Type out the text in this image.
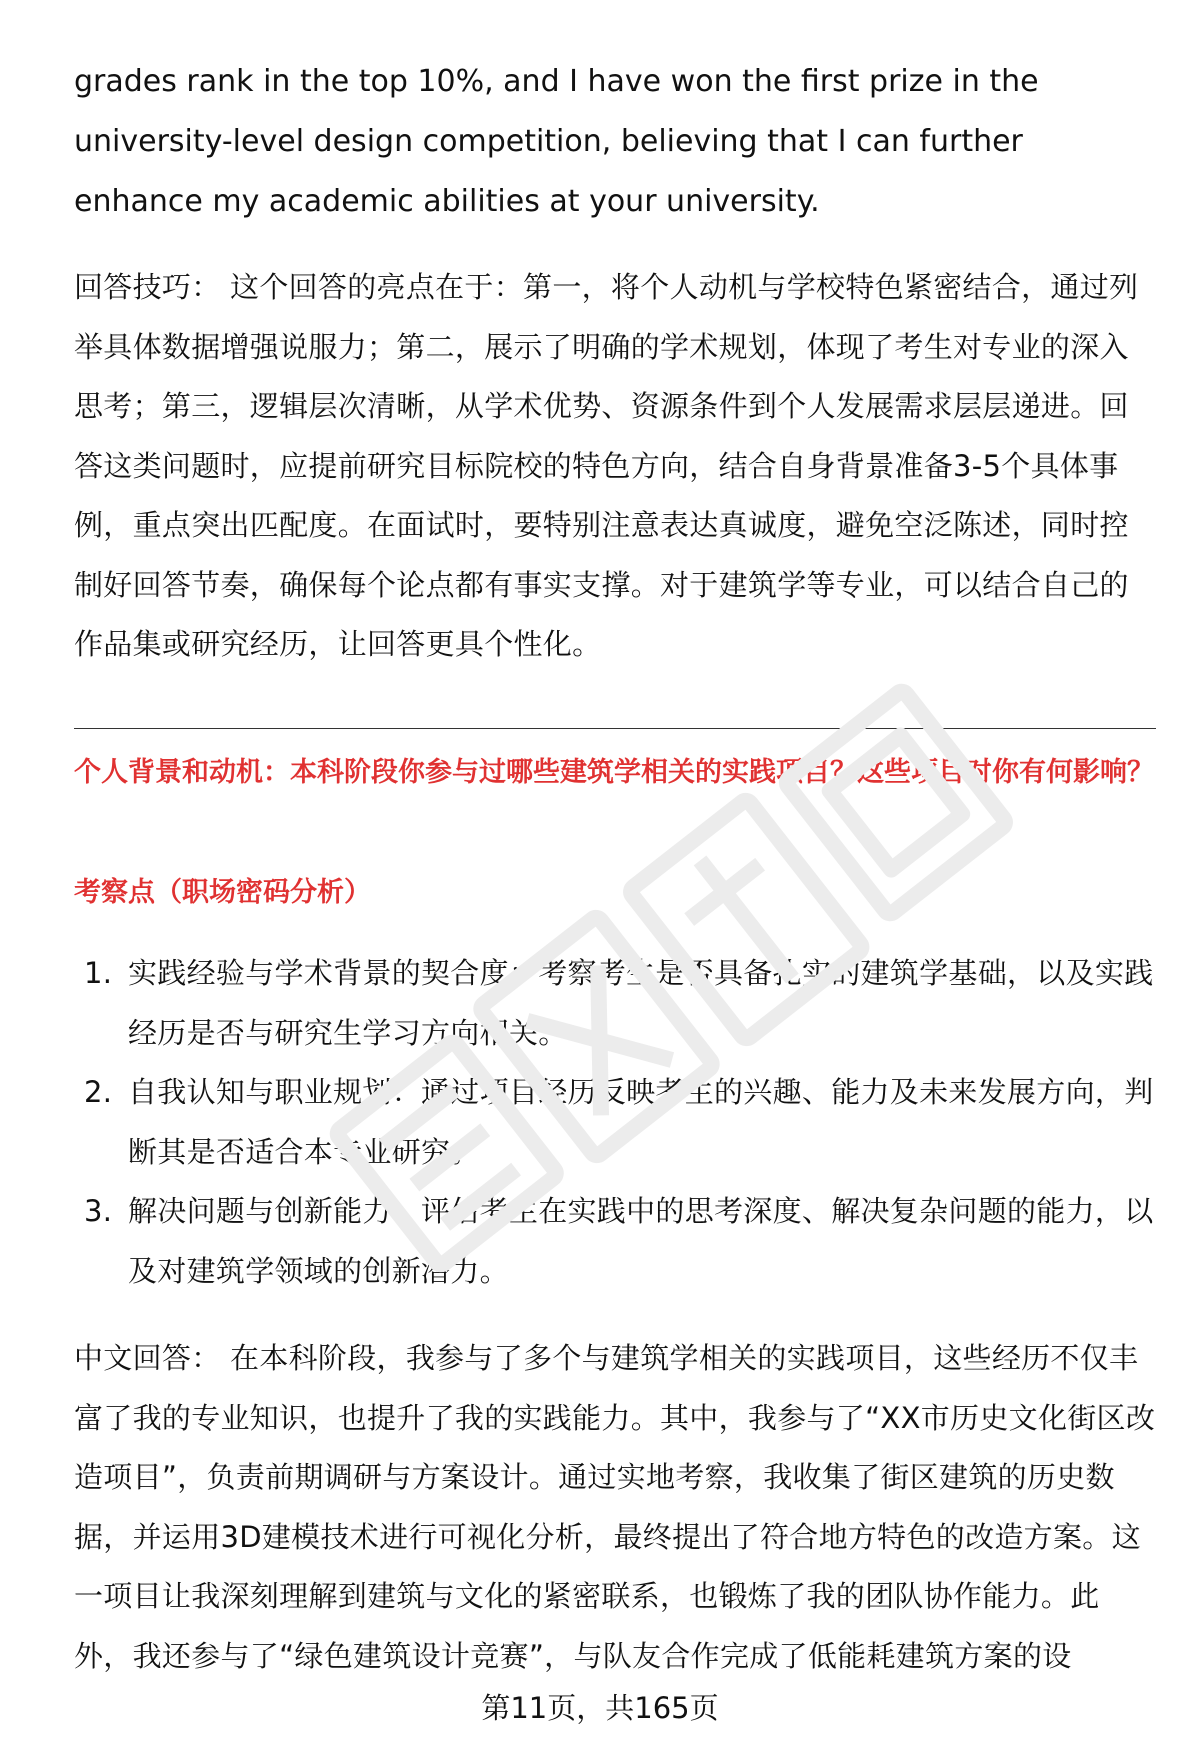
grades rank in the top 10%, and I have won the first prize in the university-level design competition, believing that I can further enhance my academic abilities at your university.

回答技巧： 这个回答的亮点在于：第一，将个人动机与学校特色紧密结合，通过列举具体数据增强说服力；第二，展示了明确的学术规划，体现了考生对专业的深入思考；第三，逻辑层次清晰，从学术优势、资源条件到个人发展需求层层递进。回答这类问题时，应提前研究目标院校的特色方向，结合自身背景准备3-5个具体事例，重点突出匹配度。在面试时，要特别注意表达真诚度，避免空泛陈述，同时控制好回答节奏，确保每个论点都有事实支撑。对于建筑学等专业，可以结合自己的作品集或研究经历，让回答更具个性化。

个人背景和动机：本科阶段你参与过哪些建筑学相关的实践项目？这些项目对你有何影响？

考察点（职场密码分析）

1. 实践经验与学术背景的契合度：考察考生是否具备扎实的建筑学基础，以及实践经历是否与研究生学习方向相关。
2. 自我认知与职业规划：通过项目经历反映考生的兴趣、能力及未来发展方向，判断其是否适合本专业研究。
3. 解决问题与创新能力：评估考生在实践中的思考深度、解决复杂问题的能力，以及对建筑学领域的创新潜力。

中文回答： 在本科阶段，我参与了多个与建筑学相关的实践项目，这些经历不仅丰富了我的专业知识，也提升了我的实践能力。其中，我参与了“XX市历史文化街区改造项目”，负责前期调研与方案设计。通过实地考察，我收集了街区建筑的历史数据，并运用3D建模技术进行可视化分析，最终提出了符合地方特色的改造方案。这一项目让我深刻理解到建筑与文化的紧密联系，也锻炼了我的团队协作能力。此外，我还参与了“绿色建筑设计竞赛”，与队友合作完成了低能耗建筑方案的设

第11页，共165页
